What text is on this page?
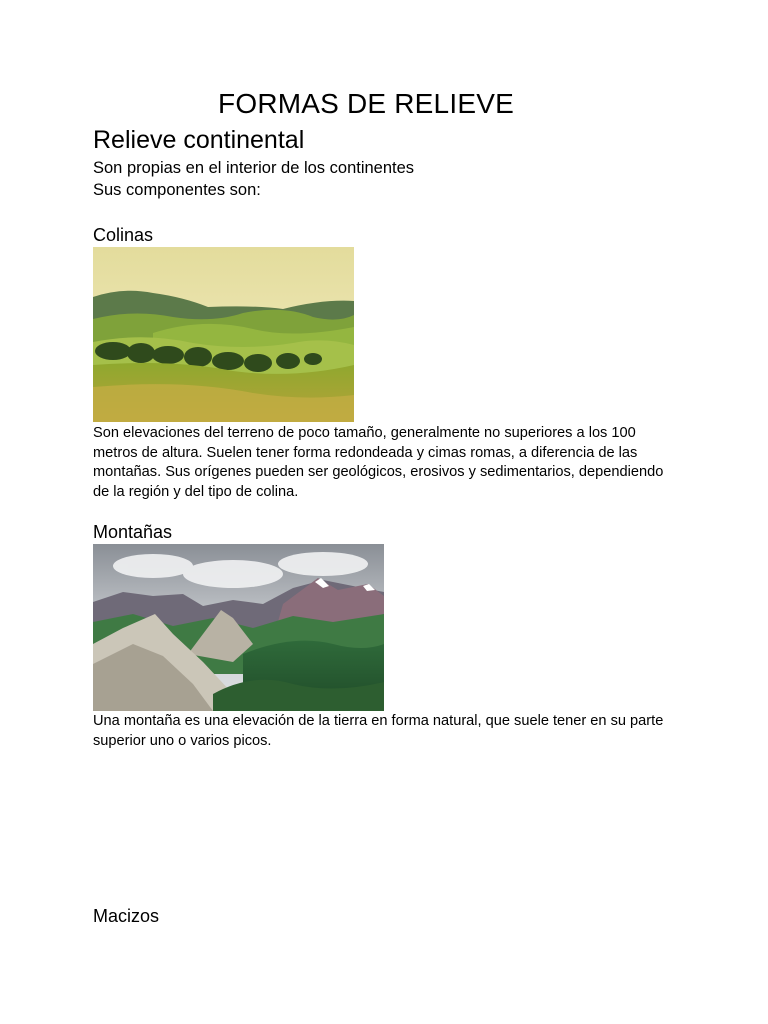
FORMAS DE RELIEVE
Relieve continental

Son propias en el interior de los continentes

Sus componentes son:

Colinas

Son elevaciones del terreno de poco tamaño, generalmente no superiores a los 100 metros de altura. Suelen tener forma redondeada y cimas romas, a diferencia de las montañas. Sus orígenes pueden ser geológicos, erosivos y sedimentarios, dependiendo de la región y del tipo de colina.

Montañas

Una montaña es una elevación de la tierra en forma natural, que suele tener en su parte superior uno o varios picos.

Macizos
